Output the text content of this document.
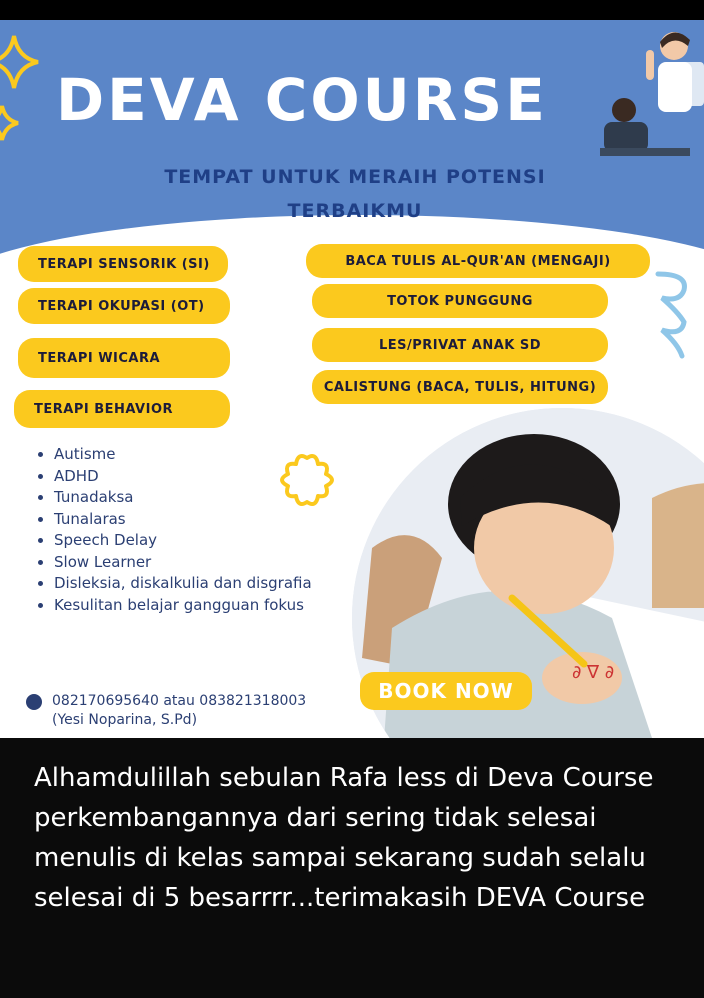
DEVA COURSE
TEMPAT UNTUK MERAIH POTENSI
TERBAIKMU
TERAPI SENSORIK (SI)
TERAPI OKUPASI (OT)
TERAPI WICARA
TERAPI BEHAVIOR
BACA TULIS AL-QUR'AN (MENGAJI)
TOTOK PUNGGUNG
LES/PRIVAT ANAK SD
CALISTUNG (BACA, TULIS, HITUNG)
• Autisme
• ADHD
• Tunadaksa
• Tunalaras
• Speech Delay
• Slow Learner
• Disleksia, diskalkulia dan disgrafia
• Kesulitan belajar gangguan fokus
∂ ∇ ∂
BOOK NOW
082170695640 atau 083821318003
(Yesi Noparina, S.Pd)

Alhamdulillah sebulan Rafa less di Deva Course perkembangannya dari sering tidak selesai menulis di kelas sampai sekarang sudah selalu selesai di 5 besarrrr...terimakasih DEVA Course
